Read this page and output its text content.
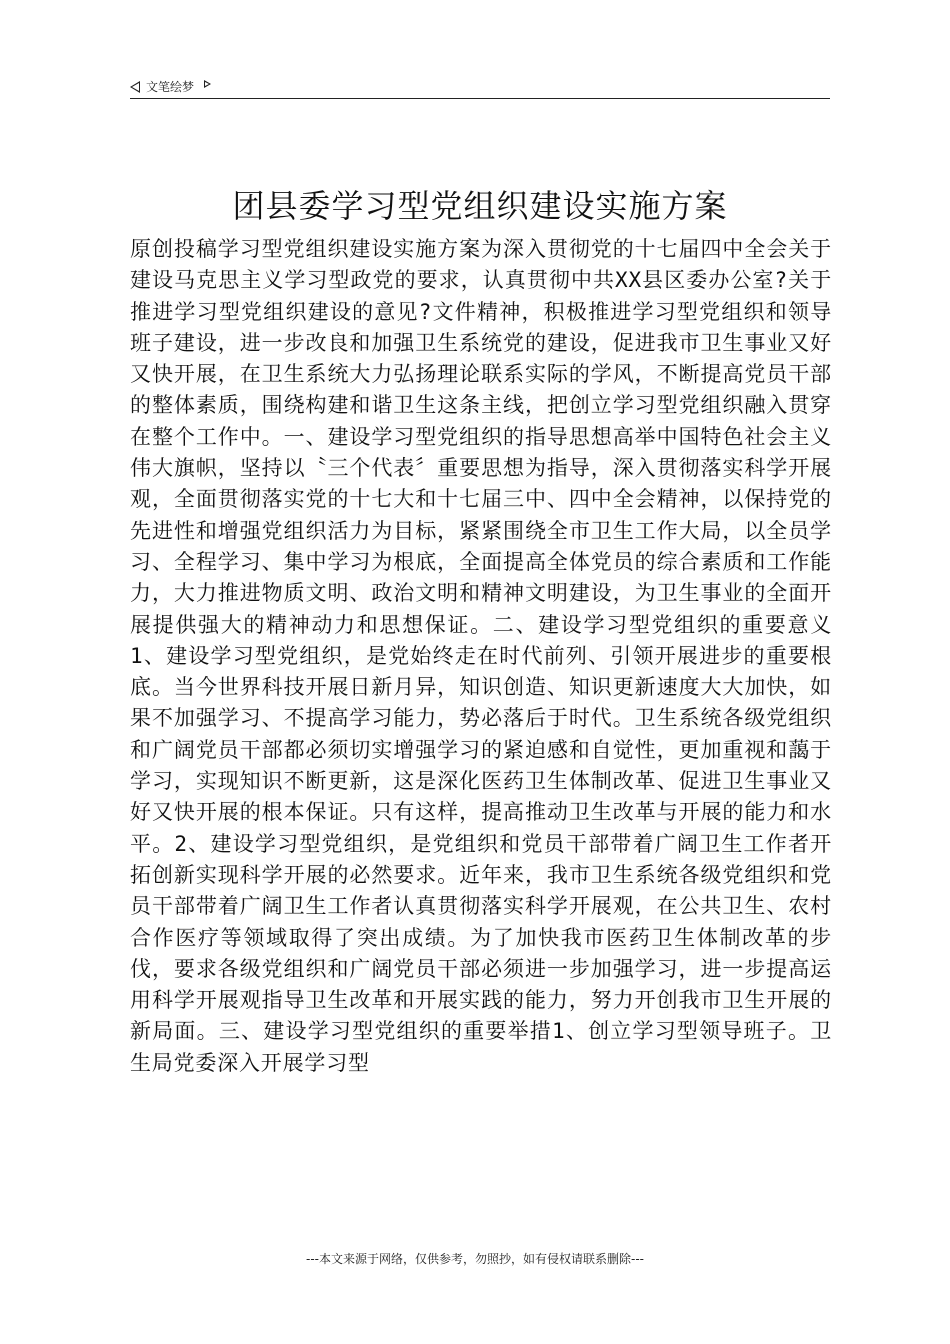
文笔绘梦
团县委学习型党组织建设实施方案

原创投稿学习型党组织建设实施方案为深入贯彻党的十七届四中全会关于建设马克思主义学习型政党的要求，认真贯彻中共XX县区委办公室?关于推进学习型党组织建设的意见?文件精神，积极推进学习型党组织和领导班子建设，进一步改良和加强卫生系统党的建设，促进我市卫生事业又好又快开展，在卫生系统大力弘扬理论联系实际的学风，不断提高党员干部的整体素质，围绕构建和谐卫生这条主线，把创立学习型党组织融入贯穿在整个工作中。一、建设学习型党组织的指导思想高举中国特色社会主义伟大旗帜，坚持以〝三个代表〞重要思想为指导，深入贯彻落实科学开展观，全面贯彻落实党的十七大和十七届三中、四中全会精神，以保持党的先进性和增强党组织活力为目标，紧紧围绕全市卫生工作大局，以全员学习、全程学习、集中学习为根底，全面提高全体党员的综合素质和工作能力，大力推进物质文明、政治文明和精神文明建设，为卫生事业的全面开展提供强大的精神动力和思想保证。二、建设学习型党组织的重要意义1、建设学习型党组织，是党始终走在时代前列、引领开展进步的重要根底。当今世界科技开展日新月异，知识创造、知识更新速度大大加快，如果不加强学习、不提高学习能力，势必落后于时代。卫生系统各级党组织和广阔党员干部都必须切实增强学习的紧迫感和自觉性，更加重视和藹于学习，实现知识不断更新，这是深化医药卫生体制改革、促进卫生事业又好又快开展的根本保证。只有这样，提高推动卫生改革与开展的能力和水平。2、建设学习型党组织，是党组织和党员干部带着广阔卫生工作者开拓创新实现科学开展的必然要求。近年来，我市卫生系统各级党组织和党员干部带着广阔卫生工作者认真贯彻落实科学开展观，在公共卫生、农村合作医疗等领域取得了突出成绩。为了加快我市医药卫生体制改革的步伐，要求各级党组织和广阔党员干部必须进一步加强学习，进一步提高运用科学开展观指导卫生改革和开展实践的能力，努力开创我市卫生开展的新局面。三、建设学习型党组织的重要举措1、创立学习型领导班子。卫生局党委深入开展学习型

---本文来源于网络，仅供参考，勿照抄，如有侵权请联系删除---
